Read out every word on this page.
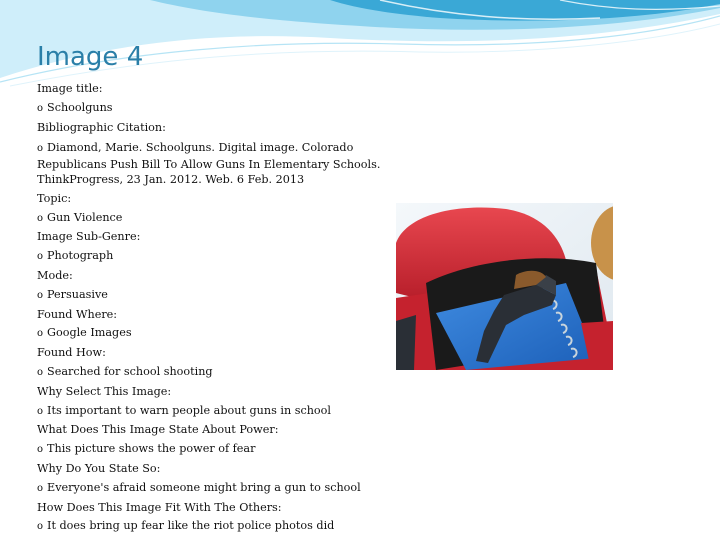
Image 4
Image title:
o Schoolguns
Bibliographic Citation:
o Diamond, Marie. Schoolguns. Digital image. Colorado Republicans Push Bill To Allow Guns In Elementary Schools. ThinkProgress, 23 Jan. 2012. Web. 6 Feb. 2013
Topic:
o Gun Violence
Image Sub-Genre:
o Photograph
Mode:
o Persuasive
Found Where:
o Google Images
Found How:
o Searched for school shooting
Why Select This Image:
o Its important to warn people about guns in school
What Does This Image State About Power:
o This picture shows the power of fear
Why Do You State So:
o Everyone's afraid someone might bring a gun to school
How Does This Image Fit With The Others:
o It does bring up fear like the riot police photos did
